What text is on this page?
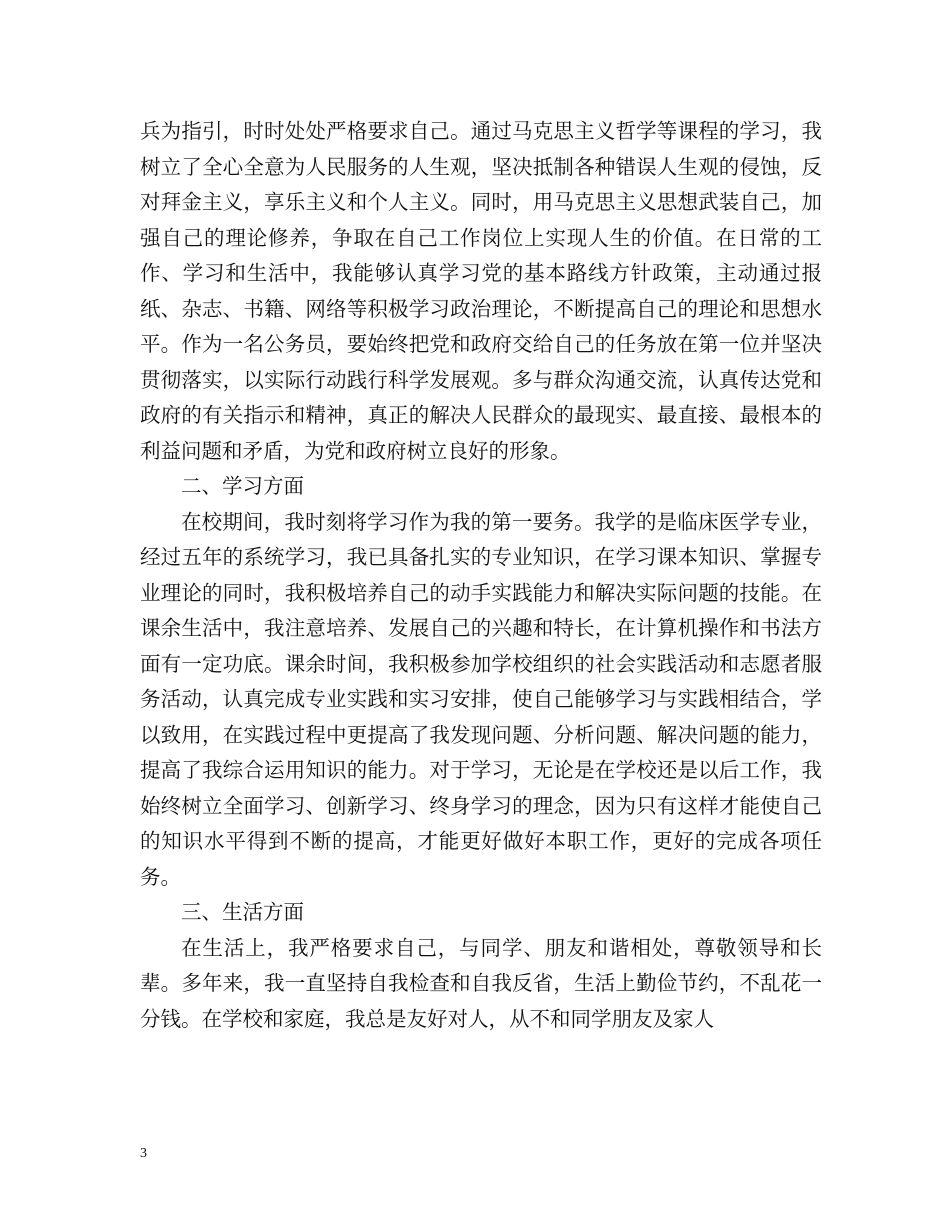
兵为指引，时时处处严格要求自己。通过马克思主义哲学等课程的学习，我树立了全心全意为人民服务的人生观，坚决抵制各种错误人生观的侵蚀，反对拜金主义，享乐主义和个人主义。同时，用马克思主义思想武装自己，加强自己的理论修养，争取在自己工作岗位上实现人生的价值。在日常的工作、学习和生活中，我能够认真学习党的基本路线方针政策，主动通过报纸、杂志、书籍、网络等积极学习政治理论，不断提高自己的理论和思想水平。作为一名公务员，要始终把党和政府交给自己的任务放在第一位并坚决贯彻落实，以实际行动践行科学发展观。多与群众沟通交流，认真传达党和政府的有关指示和精神，真正的解决人民群众的最现实、最直接、最根本的利益问题和矛盾，为党和政府树立良好的形象。

二、学习方面

在校期间，我时刻将学习作为我的第一要务。我学的是临床医学专业，经过五年的系统学习，我已具备扎实的专业知识，在学习课本知识、掌握专业理论的同时，我积极培养自己的动手实践能力和解决实际问题的技能。在课余生活中，我注意培养、发展自己的兴趣和特长，在计算机操作和书法方面有一定功底。课余时间，我积极参加学校组织的社会实践活动和志愿者服务活动，认真完成专业实践和实习安排，使自己能够学习与实践相结合，学以致用，在实践过程中更提高了我发现问题、分析问题、解决问题的能力，提高了我综合运用知识的能力。对于学习，无论是在学校还是以后工作，我始终树立全面学习、创新学习、终身学习的理念，因为只有这样才能使自己的知识水平得到不断的提高，才能更好做好本职工作，更好的完成各项任务。

三、生活方面

在生活上，我严格要求自己，与同学、朋友和谐相处，尊敬领导和长辈。多年来，我一直坚持自我检查和自我反省，生活上勤俭节约，不乱花一分钱。在学校和家庭，我总是友好对人，从不和同学朋友及家人

3
